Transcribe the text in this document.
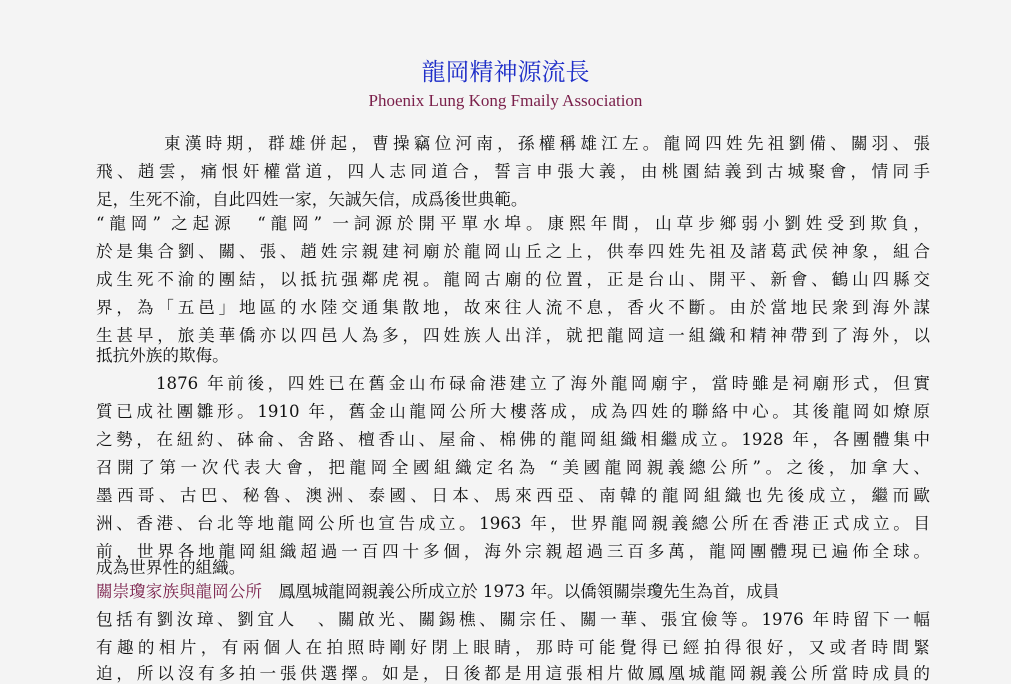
龍岡精神源流長
Phoenix Lung Kong Fmaily Association
東漢時期，群雄併起，曹操竊位河南，孫權稱雄江左。龍岡四姓先祖劉備、關羽、張
飛、趙雲，痛恨奸權當道，四人志同道合，誓言申張大義，由桃園結義到古城聚會，情同手
足，生死不渝，自此四姓一家，矢誠矢信，成爲後世典範。
“龍岡” 之起源　“龍岡” 一詞源於開平單水埠。康熙年間，山草步鄉弱小劉姓受到欺負，
於是集合劉、關、張、趙姓宗親建祠廟於龍岡山丘之上，供奉四姓先祖及諸葛武侯神象，組合
成生死不渝的團結，以抵抗强鄰虎視。龍岡古廟的位置，正是台山、開平、新會、鶴山四縣交
界，為「五邑」地區的水陸交通集散地，故來往人流不息，香火不斷。由於當地民衆到海外謀
生甚早，旅美華僑亦以四邑人為多，四姓族人出洋，就把龍岡這一組織和精神帶到了海外，以
抵抗外族的欺侮。
1876 年前後，四姓已在舊金山布碌侖港建立了海外龍岡廟宇，當時雖是祠廟形式，但實
質已成社團雛形。1910 年，舊金山龍岡公所大樓落成，成為四姓的聯絡中心。其後龍岡如燎原
之勢，在紐約、砵侖、舍路、檀香山、屋侖、棉佛的龍岡組織相繼成立。1928 年，各團體集中
召開了第一次代表大會，把龍岡全國組織定名為 “美國龍岡親義總公所”。之後，加拿大、
墨西哥、古巴、秘魯、澳洲、泰國、日本、馬來西亞、南韓的龍岡組織也先後成立，繼而歐
洲、香港、台北等地龍岡公所也宣告成立。1963 年，世界龍岡親義總公所在香港正式成立。目
前，世界各地龍岡組織超過一百四十多個，海外宗親超過三百多萬，龍岡團體現已遍佈全球。
成為世界性的組織。
關崇瓊家族與龍岡公所　鳳凰城龍岡親義公所成立於 1973 年。以僑領關崇瓊先生為首，成員
包括有劉汝璋、劉宜人　、關啟光、關錫樵、關宗任、關一華、張宜儉等。1976 年時留下一幅
有趣的相片，有兩個人在拍照時剛好閉上眼睛，那時可能覺得已經拍得很好，又或者時間緊
迫，所以沒有多拍一張供選擇。如是，日後都是用這張相片做鳳凰城龍岡親義公所當時成員的
